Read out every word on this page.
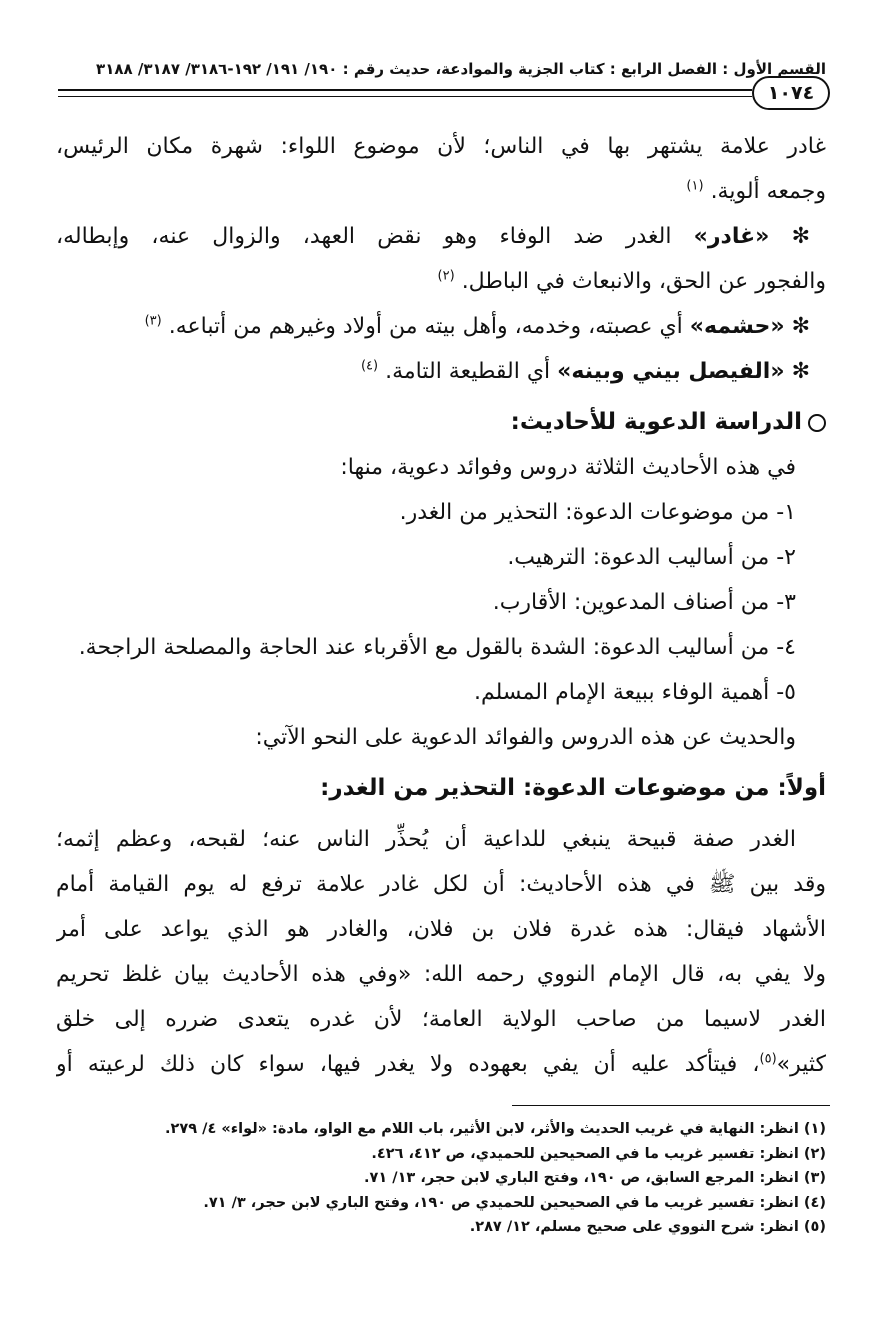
القسم الأول : الفصل الرابع : كتاب الجزية والموادعة، حديث رقم : ١٩٠/ ١٩١/ ١٩٢-٣١٨٦/ ٣١٨٧/ ٣١٨٨
١٠٧٤
غادر علامة يشتهر بها في الناس؛ لأن موضوع اللواء: شهرة مكان الرئيس،
وجمعه ألوية. $^{(١)}$
✻ «غادر» الغدر ضد الوفاء وهو نقض العهد، والزوال عنه، وإبطاله،
والفجور عن الحق، والانبعاث في الباطل. $^{(٢)}$
✻ «حشمه» أي عصبته، وخدمه، وأهل بيته من أولاد وغيرهم من أتباعه. $^{(٣)}$
✻ «الفيصل بيني وبينه» أي القطيعة التامة. $^{(٤)}$
الدراسة الدعوية للأحاديث:
في هذه الأحاديث الثلاثة دروس وفوائد دعوية، منها:
١- من موضوعات الدعوة: التحذير من الغدر.
٢- من أساليب الدعوة: الترهيب.
٣- من أصناف المدعوين: الأقارب.
٤- من أساليب الدعوة: الشدة بالقول مع الأقرباء عند الحاجة والمصلحة الراجحة.
٥- أهمية الوفاء ببيعة الإمام المسلم.
والحديث عن هذه الدروس والفوائد الدعوية على النحو الآتي:
أولاً: من موضوعات الدعوة: التحذير من الغدر:
الغدر صفة قبيحة ينبغي للداعية أن يُحذِّر الناس عنه؛ لقبحه، وعظم إثمه؛
وقد بين ﷺ في هذه الأحاديث: أن لكل غادر علامة ترفع له يوم القيامة أمام
الأشهاد فيقال: هذه غدرة فلان بن فلان، والغادر هو الذي يواعد على أمر
ولا يفي به، قال الإمام النووي رحمه الله: «وفي هذه الأحاديث بيان غلظ تحريم
الغدر لاسيما من صاحب الولاية العامة؛ لأن غدره يتعدى ضرره إلى خلق
كثير»$^{(٥)}$، فيتأكد عليه أن يفي بعهوده ولا يغدر فيها، سواء كان ذلك لرعيته أو
(١) انظر: النهاية في غريب الحديث والأثر، لابن الأثير، باب اللام مع الواو، مادة: «لواء» ٤/ ٢٧٩.
(٢) انظر: تفسير غريب ما في الصحيحين للحميدي، ص ٤١٢، ٤٢٦.
(٣) انظر: المرجع السابق، ص ١٩٠، وفتح الباري لابن حجر، ١٣/ ٧١.
(٤) انظر: تفسير غريب ما في الصحيحين للحميدي ص ١٩٠، وفتح الباري لابن حجر، ٣/ ٧١.
(٥) انظر: شرح النووي على صحيح مسلم، ١٢/ ٢٨٧.
